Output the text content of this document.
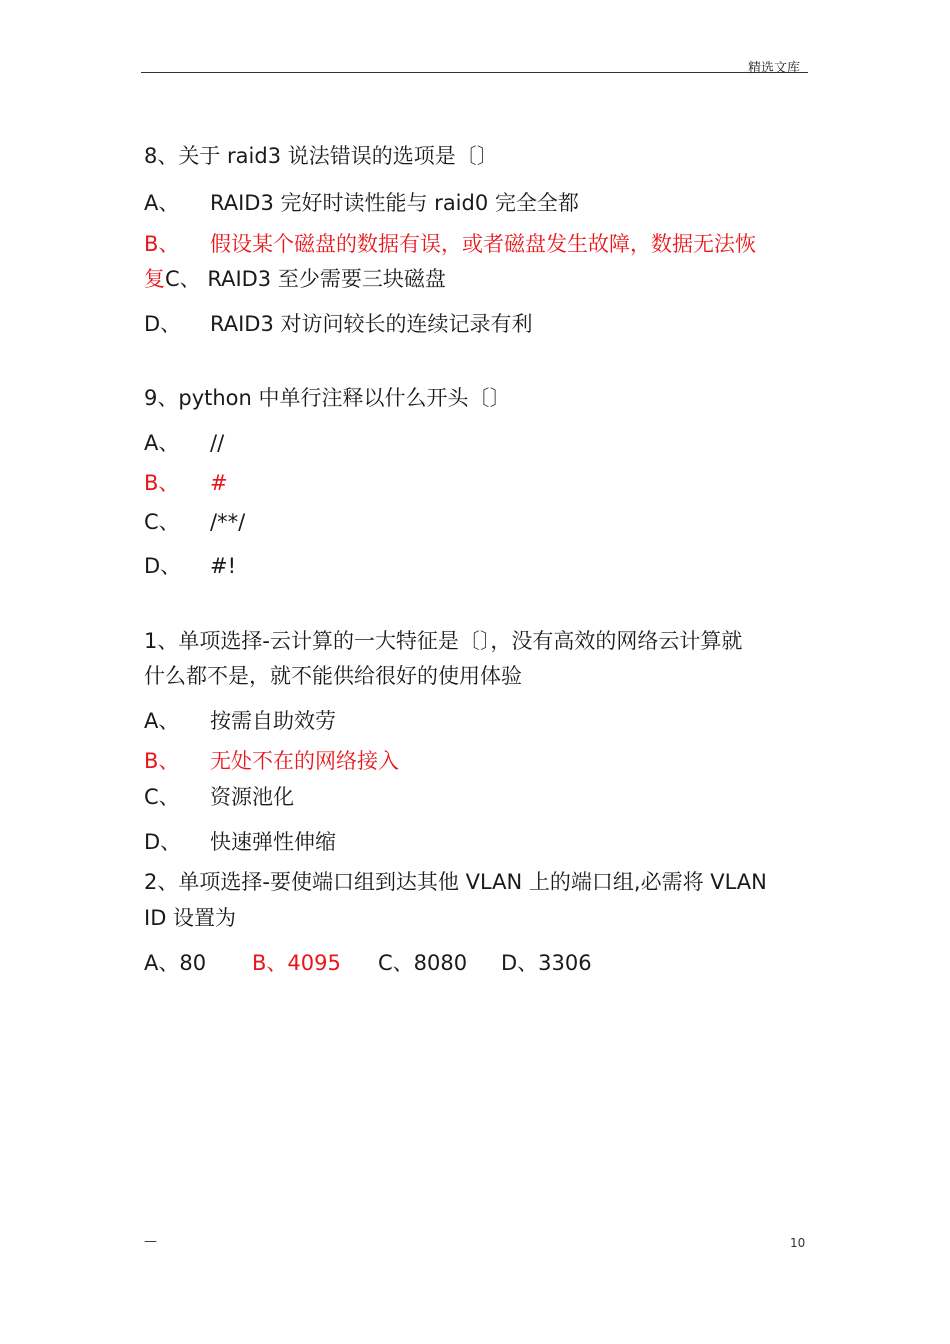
精选文库
8、关于 raid3 说法错误的选项是〔〕
A、 RAID3 完好时读性能与 raid0 完全全都
B、 假设某个磁盘的数据有误，或者磁盘发生故障，数据无法恢
复C、 RAID3 至少需要三块磁盘
D、 RAID3 对访问较长的连续记录有利
9、python 中单行注释以什么开头〔〕
A、 //
B、 #
C、 /**/
D、 #!
1、单项选择-云计算的一大特征是〔〕，没有高效的网络云计算就
什么都不是，就不能供给很好的使用体验
A、 按需自助效劳
B、 无处不在的网络接入
C、 资源池化
D、 快速弹性伸缩
2、单项选择-要使端口组到达其他 VLAN 上的端口组,必需将 VLAN
ID 设置为
A、80 B、4095 C、8080 D、3306
—	10
